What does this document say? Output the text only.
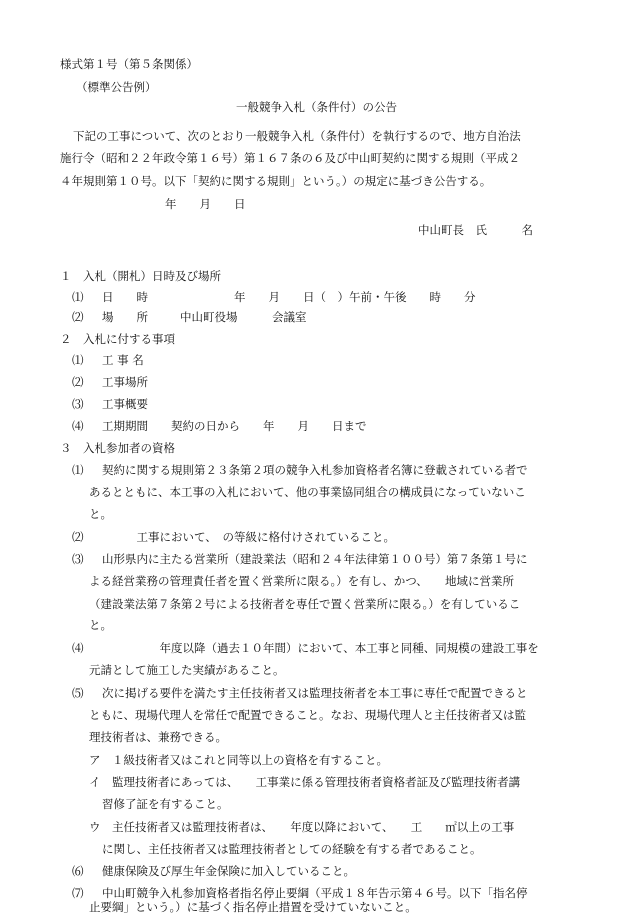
様式第１号（第５条関係）
（標準公告例）
一般競争入札（条件付）の公告
下記の工事について、次のとおり一般競争入札（条件付）を執行するので、地方自治法
施行令（昭和２２年政令第１６号）第１６７条の６及び中山町契約に関する規則（平成２
４年規則第１０号。以下「契約に関する規則」という。）の規定に基づき公告する。
年　　月　　日
中山町長　氏　　　名
１　入札（開札）日時及び場所
⑴ 日　　時	年　　月　　日（　）午前・午後　　時　　分
⑵ 場　　所	中山町役場　　　会議室
２　入札に付する事項
⑴ 工 事 名
⑵ 工事場所
⑶ 工事概要
⑷ 工期期間　　契約の日から　　年　　月　　日まで
３　入札参加者の資格
⑴ 契約に関する規則第２３条第２項の競争入札参加資格者名簿に登載されている者で
あるとともに、本工事の入札において、他の事業協同組合の構成員になっていないこ
と。
⑵ 　　　工事において、　の等級に格付けされていること。
⑶ 山形県内に主たる営業所（建設業法（昭和２４年法律第１００号）第７条第１号に
よる経営業務の管理責任者を置く営業所に限る。）を有し、かつ、　　地域に営業所
（建設業法第７条第２号による技術者を専任で置く営業所に限る。）を有しているこ
と。
⑷ 　　　　　年度以降（過去１０年間）において、本工事と同種、同規模の建設工事を
元請として施工した実績があること。
⑸ 次に掲げる要件を満たす主任技術者又は監理技術者を本工事に専任で配置できると
ともに、現場代理人を常任で配置できること。なお、現場代理人と主任技術者又は監
理技術者は、兼務できる。
ア　１級技術者又はこれと同等以上の資格を有すること。
イ　監理技術者にあっては、　　工事業に係る管理技術者資格者証及び監理技術者講
習修了証を有すること。
ウ　主任技術者又は監理技術者は、　　年度以降において、　　工　　㎡以上の工事
に関し、主任技術者又は監理技術者としての経験を有する者であること。
⑹ 健康保険及び厚生年金保険に加入していること。
⑺ 中山町競争入札参加資格者指名停止要綱（平成１８年告示第４６号。以下「指名停
止要綱」という。）に基づく指名停止措置を受けていないこと。
